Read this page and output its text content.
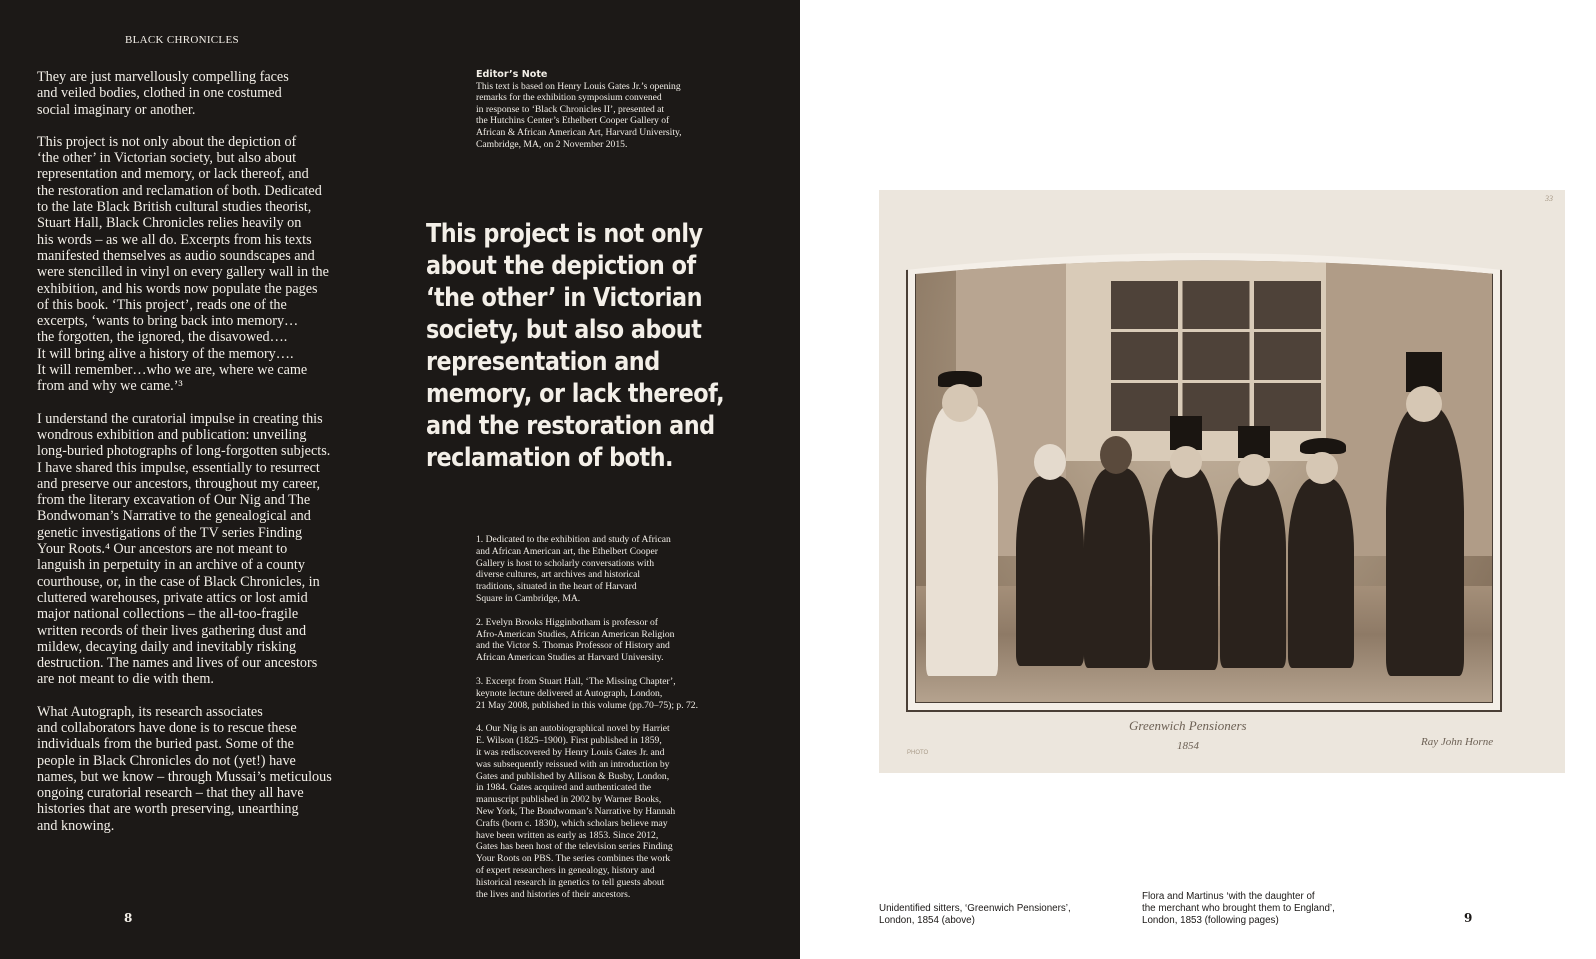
BLACK CHRONICLES

They are just marvellously compelling faces
and veiled bodies, clothed in one costumed
social imaginary or another.

This project is not only about the depiction of
‘the other’ in Victorian society, but also about
representation and memory, or lack thereof, and
the restoration and reclamation of both. Dedicated
to the late Black British cultural studies theorist,
Stuart Hall, Black Chronicles relies heavily on
his words – as we all do. Excerpts from his texts
manifested themselves as audio soundscapes and
were stencilled in vinyl on every gallery wall in the
exhibition, and his words now populate the pages
of this book. ‘This project’, reads one of the
excerpts, ‘wants to bring back into memory…
the forgotten, the ignored, the disavowed….
It will bring alive a history of the memory….
It will remember…who we are, where we came
from and why we came.’³

I understand the curatorial impulse in creating this
wondrous exhibition and publication: unveiling
long-buried photographs of long-forgotten subjects.
I have shared this impulse, essentially to resurrect
and preserve our ancestors, throughout my career,
from the literary excavation of Our Nig and The
Bondwoman’s Narrative to the genealogical and
genetic investigations of the TV series Finding
Your Roots.⁴ Our ancestors are not meant to
languish in perpetuity in an archive of a county
courthouse, or, in the case of Black Chronicles, in
cluttered warehouses, private attics or lost amid
major national collections – the all-too-fragile
written records of their lives gathering dust and
mildew, decaying daily and inevitably risking
destruction. The names and lives of our ancestors
are not meant to die with them.

What Autograph, its research associates
and collaborators have done is to rescue these
individuals from the buried past. Some of the
people in Black Chronicles do not (yet!) have
names, but we know – through Mussai’s meticulous
ongoing curatorial research – that they all have
histories that are worth preserving, unearthing
and knowing.

Editor’s Note
This text is based on Henry Louis Gates Jr.’s opening
remarks for the exhibition symposium convened
in response to ‘Black Chronicles II’, presented at
the Hutchins Center’s Ethelbert Cooper Gallery of
African & African American Art, Harvard University,
Cambridge, MA, on 2 November 2015.
This project is not only
about the depiction of
‘the other’ in Victorian
society, but also about
representation and
memory, or lack thereof,
and the restoration and
reclamation of both.

1. Dedicated to the exhibition and study of African
and African American art, the Ethelbert Cooper
Gallery is host to scholarly conversations with
diverse cultures, art archives and historical
traditions, situated in the heart of Harvard
Square in Cambridge, MA.

2. Evelyn Brooks Higginbotham is professor of
Afro-American Studies, African American Religion
and the Victor S. Thomas Professor of History and
African American Studies at Harvard University.

3. Excerpt from Stuart Hall, ‘The Missing Chapter’,
keynote lecture delivered at Autograph, London,
21 May 2008, published in this volume (pp.70–75); p. 72.

4. Our Nig is an autobiographical novel by Harriet
E. Wilson (1825–1900). First published in 1859,
it was rediscovered by Henry Louis Gates Jr. and
was subsequently reissued with an introduction by
Gates and published by Allison & Busby, London,
in 1984. Gates acquired and authenticated the
manuscript published in 2002 by Warner Books,
New York, The Bondwoman’s Narrative by Hannah
Crafts (born c. 1830), which scholars believe may
have been written as early as 1853. Since 2012,
Gates has been host of the television series Finding
Your Roots on PBS. The series combines the work
of expert researchers in genealogy, history and
historical research in genetics to tell guests about
the lives and histories of their ancestors.

8
33
PHOTO
Greenwich Pensioners
1854	Ray John Horne
Unidentified sitters, ‘Greenwich Pensioners’,
London, 1854 (above)
Flora and Martinus ‘with the daughter of
the merchant who brought them to England’,
London, 1853 (following pages)	9
